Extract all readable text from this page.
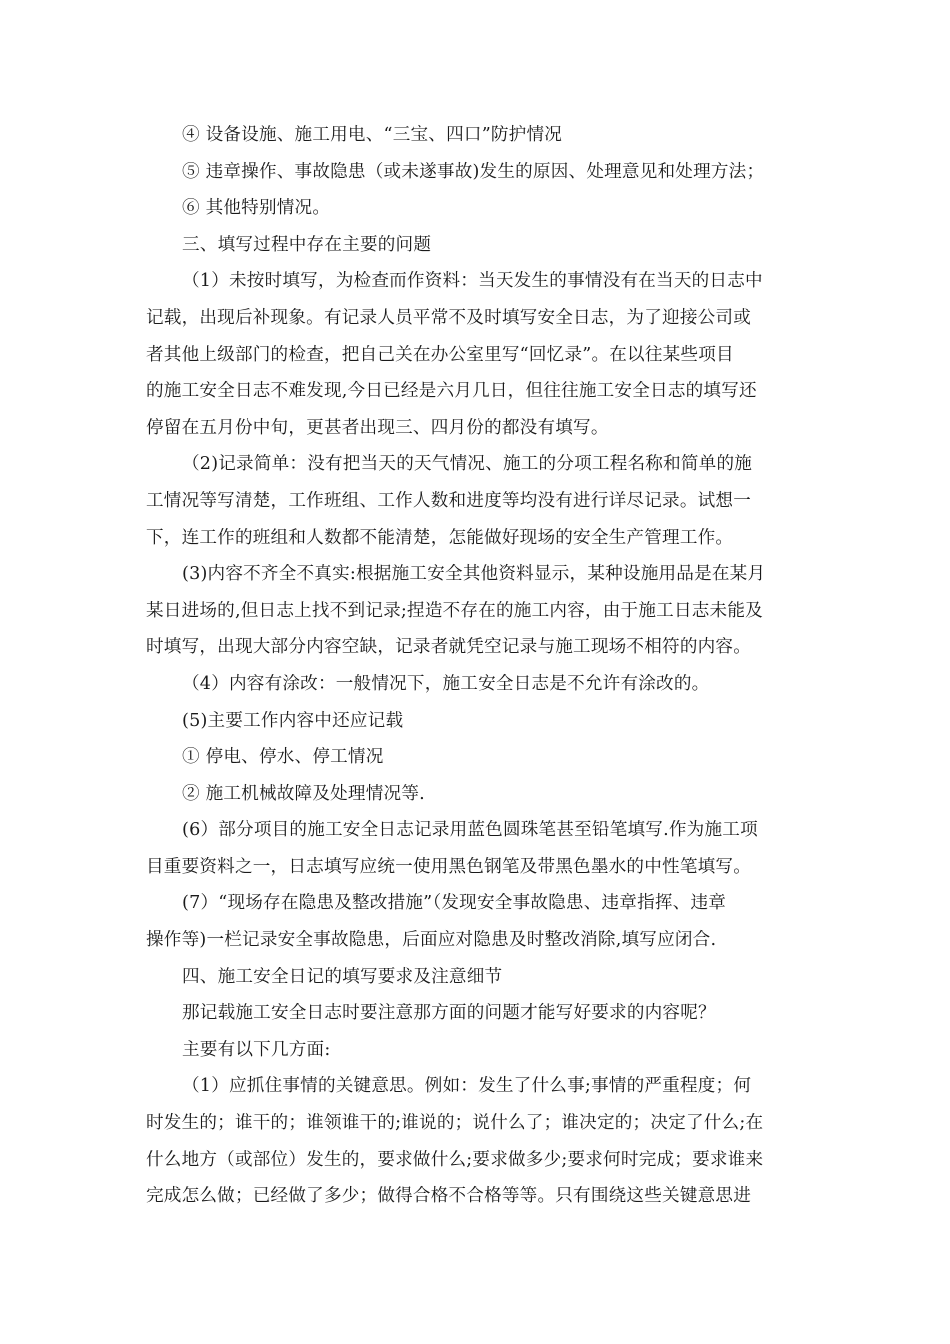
④ 设备设施、施工用电、“三宝、四口”防护情况

⑤ 违章操作、事故隐患（或未遂事故)发生的原因、处理意见和处理方法；

⑥ 其他特别情况。

三、填写过程中存在主要的问题

（1）未按时填写，为检查而作资料：当天发生的事情没有在当天的日志中
记载，出现后补现象。有记录人员平常不及时填写安全日志，为了迎接公司或
者其他上级部门的检查，把自己关在办公室里写“回忆录”。在以往某些项目
的施工安全日志不难发现,今日已经是六月几日，但往往施工安全日志的填写还
停留在五月份中旬，更甚者出现三、四月份的都没有填写。

（2)记录简单：没有把当天的天气情况、施工的分项工程名称和简单的施
工情况等写清楚，工作班组、工作人数和进度等均没有进行详尽记录。试想一
下，连工作的班组和人数都不能清楚，怎能做好现场的安全生产管理工作。

(3)内容不齐全不真实:根据施工安全其他资料显示，某种设施用品是在某月
某日进场的,但日志上找不到记录;捏造不存在的施工内容，由于施工日志未能及
时填写，出现大部分内容空缺，记录者就凭空记录与施工现场不相符的内容。

（4）内容有涂改：一般情况下，施工安全日志是不允许有涂改的。

(5)主要工作内容中还应记载

① 停电、停水、停工情况

② 施工机械故障及处理情况等.

(6）部分项目的施工安全日志记录用蓝色圆珠笔甚至铅笔填写.作为施工项
目重要资料之一，日志填写应统一使用黑色钢笔及带黑色墨水的中性笔填写。

(7）“现场存在隐患及整改措施”（发现安全事故隐患、违章指挥、违章
操作等)一栏记录安全事故隐患，后面应对隐患及时整改消除,填写应闭合.

四、施工安全日记的填写要求及注意细节

那记载施工安全日志时要注意那方面的问题才能写好要求的内容呢？

主要有以下几方面:

（1）应抓住事情的关键意思。例如：发生了什么事;事情的严重程度；何
时发生的；谁干的；谁领谁干的;谁说的；说什么了；谁决定的；决定了什么;在
什么地方（或部位）发生的，要求做什么;要求做多少;要求何时完成；要求谁来
完成怎么做；已经做了多少；做得合格不合格等等。只有围绕这些关键意思进
